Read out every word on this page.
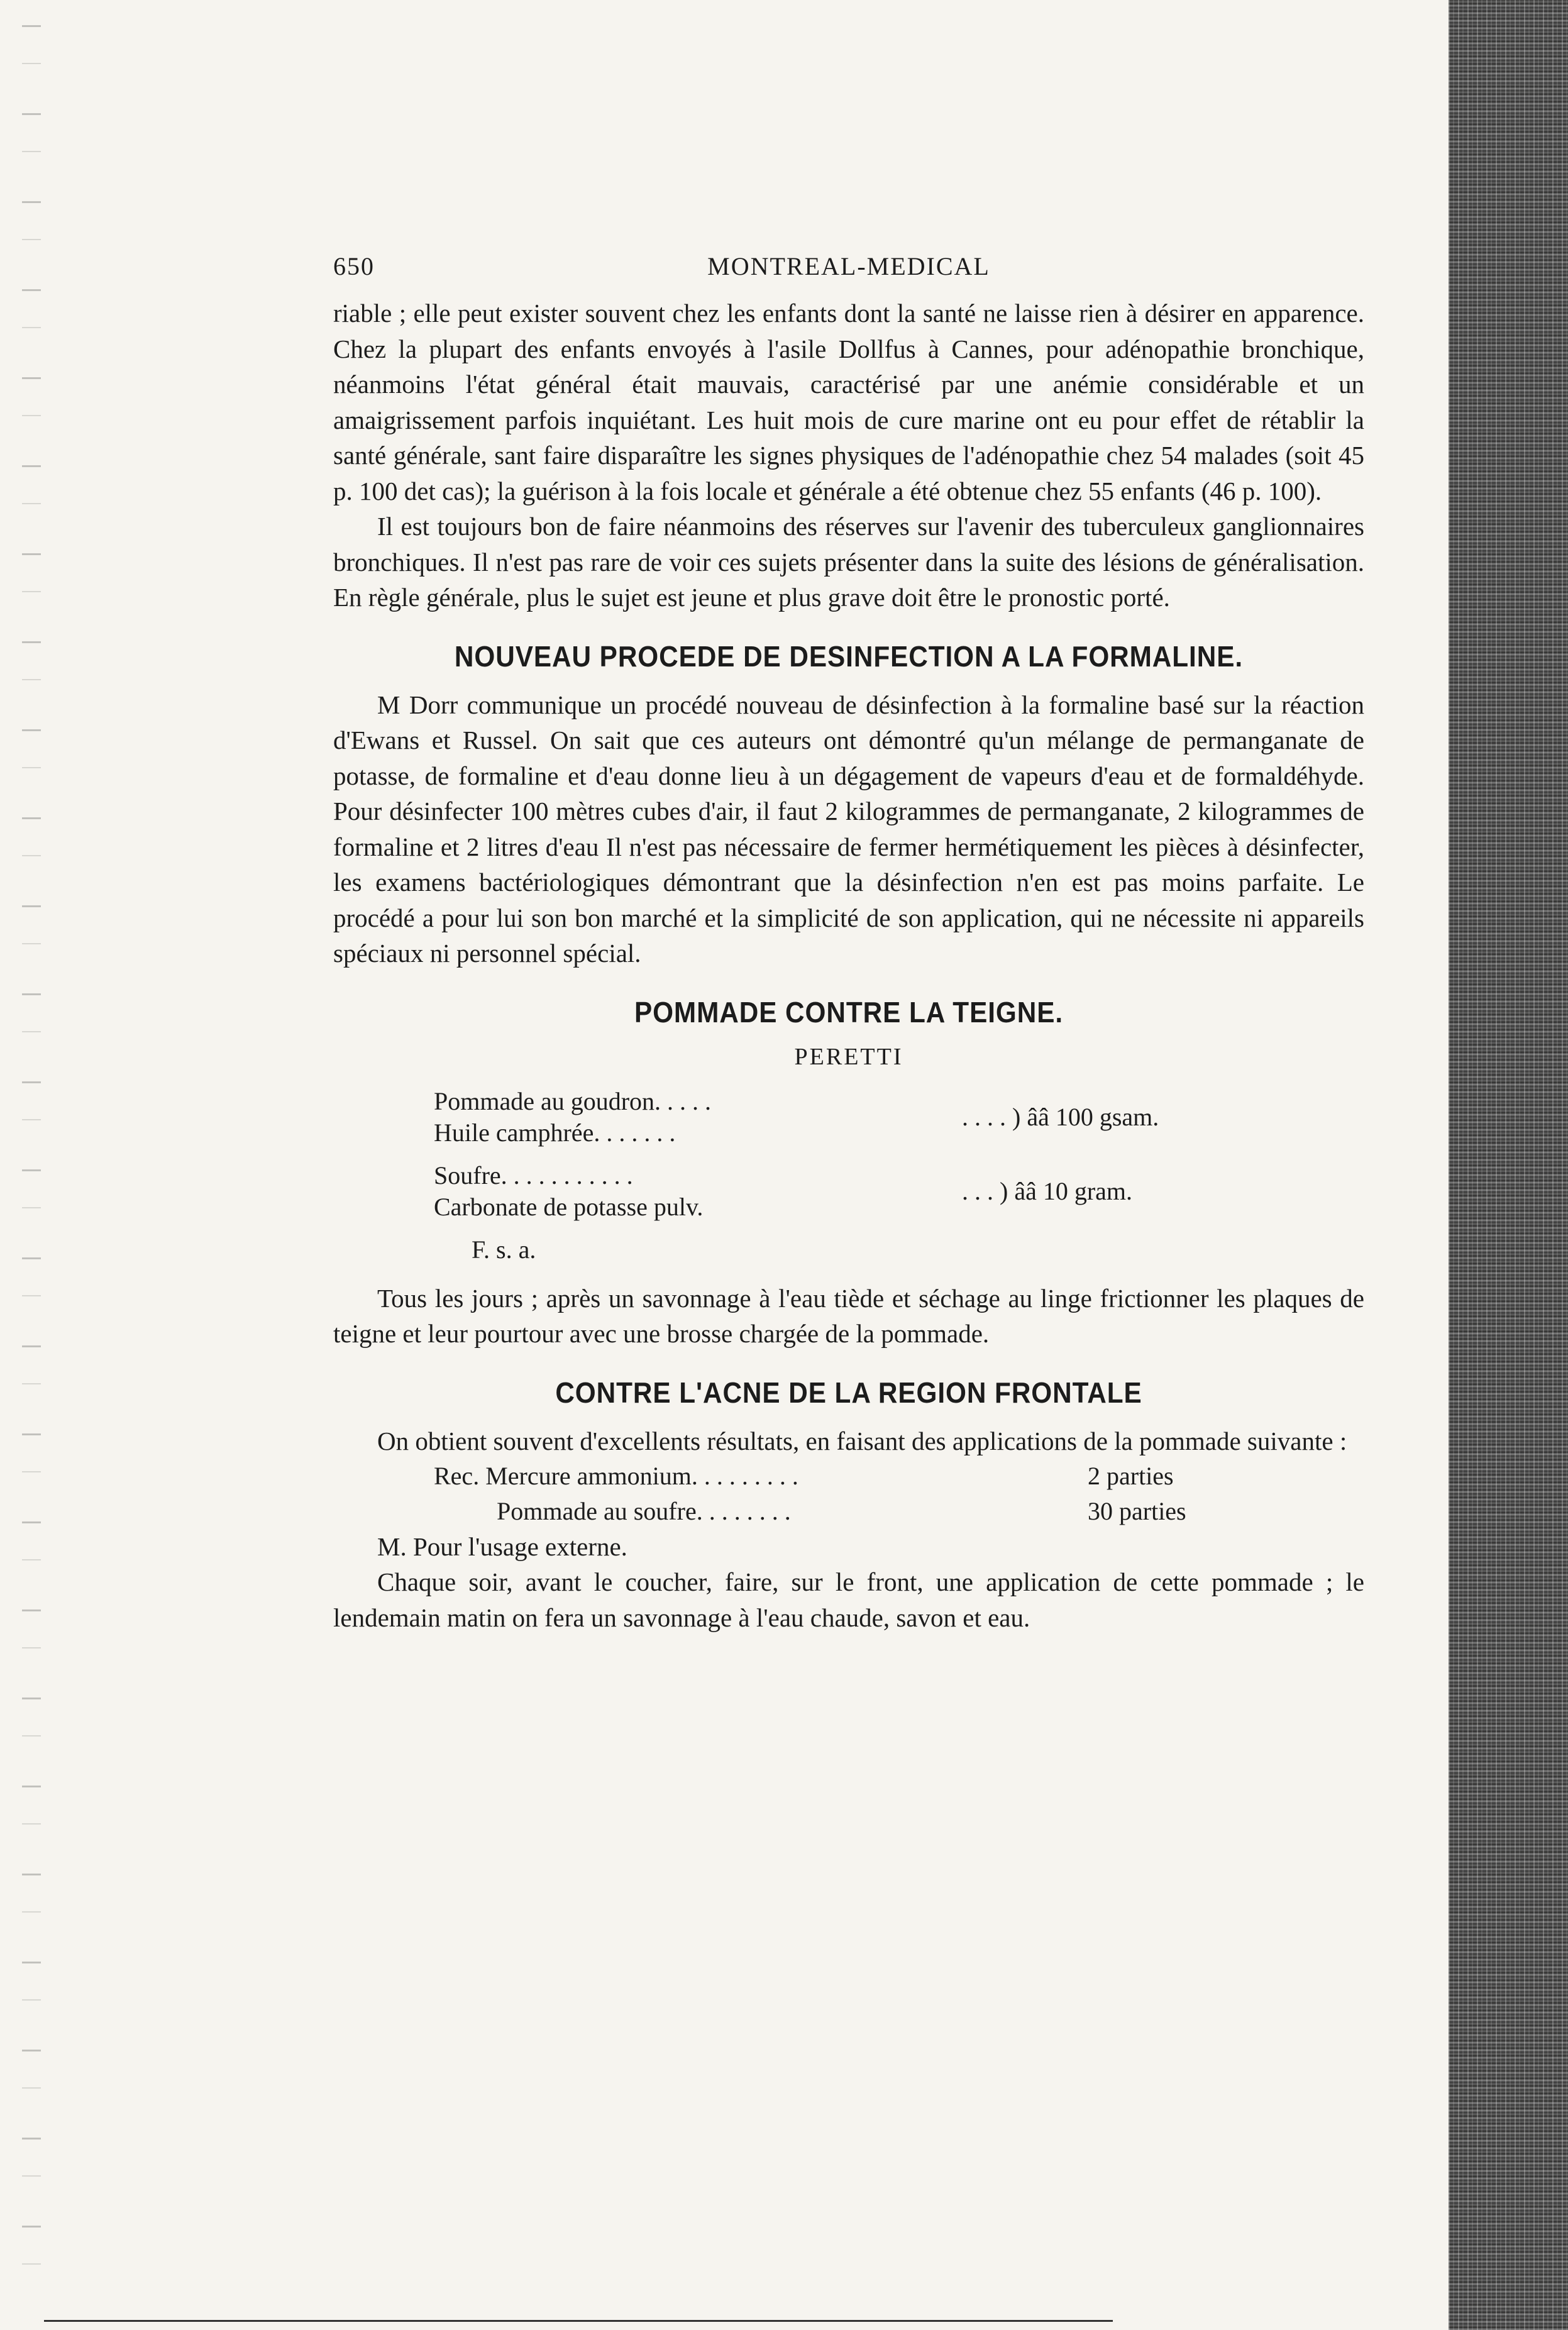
650	MONTREAL-MEDICAL

riable ; elle peut exister souvent chez les enfants dont la santé ne laisse rien à désirer en apparence. Chez la plupart des enfants envoyés à l'asile Dollfus à Cannes, pour adénopathie bronchique, néanmoins l'état général était mauvais, caractérisé par une anémie considérable et un amaigrissement parfois inquiétant. Les huit mois de cure marine ont eu pour effet de rétablir la santé générale, sant faire disparaître les signes physiques de l'adénopathie chez 54 malades (soit 45 p. 100 det cas); la guérison à la fois locale et générale a été obtenue chez 55 enfants (46 p. 100).

Il est toujours bon de faire néanmoins des réserves sur l'avenir des tuberculeux ganglionnaires bronchiques. Il n'est pas rare de voir ces sujets présenter dans la suite des lésions de généralisation. En règle générale, plus le sujet est jeune et plus grave doit être le pronostic porté.

NOUVEAU PROCEDE DE DESINFECTION A LA FORMALINE.

M Dorr communique un procédé nouveau de désinfection à la formaline basé sur la réaction d'Ewans et Russel. On sait que ces auteurs ont démontré qu'un mélange de permanganate de potasse, de formaline et d'eau donne lieu à un dégagement de vapeurs d'eau et de formaldéhyde. Pour désinfecter 100 mètres cubes d'air, il faut 2 kilogrammes de permanganate, 2 kilogrammes de formaline et 2 litres d'eau Il n'est pas nécessaire de fermer hermétiquement les pièces à désinfecter, les examens bactériologiques démontrant que la désinfection n'en est pas moins parfaite. Le procédé a pour lui son bon marché et la simplicité de son application, qui ne nécessite ni appareils spéciaux ni personnel spécial.

POMMADE CONTRE LA TEIGNE.
PERETTI
Pommade au goudron. . . . .
Huile camphrée. . . . . . .
. . . . ) ââ 100 gsam.
Soufre. . . . . . . . . . .
Carbonate de potasse pulv.
. . . ) ââ 10 gram.
F. s. a.

Tous les jours ; après un savonnage à l'eau tiède et séchage au linge frictionner les plaques de teigne et leur pourtour avec une brosse chargée de la pommade.

CONTRE L'ACNE DE LA REGION FRONTALE

On obtient souvent d'excellents résultats, en faisant des applications de la pommade suivante :

Rec. Mercure ammonium. . . . . . . . .	2 parties
Pommade au soufre. . . . . . . .	30 parties
M. Pour l'usage externe.

Chaque soir, avant le coucher, faire, sur le front, une application de cette pommade ; le lendemain matin on fera un savonnage à l'eau chaude, savon et eau.
